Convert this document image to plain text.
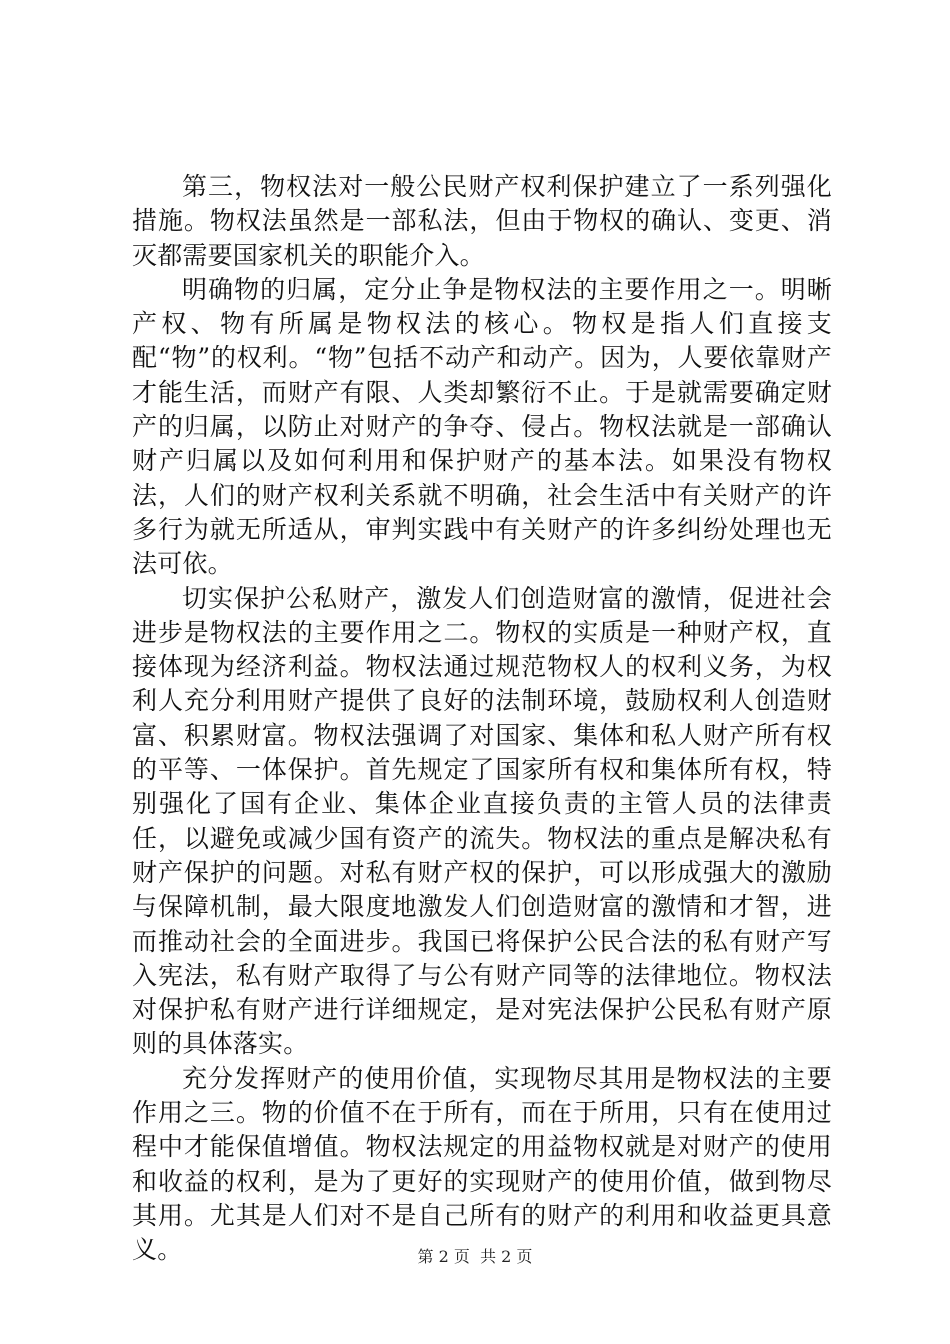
第三，物权法对一般公民财产权利保护建立了一系列强化措施。物权法虽然是一部私法，但由于物权的确认、变更、消灭都需要国家机关的职能介入。

明确物的归属，定分止争是物权法的主要作用之一。明晰产权、物有所属是物权法的核心。物权是指人们直接支配“物”的权利。“物”包括不动产和动产。因为，人要依靠财产才能生活，而财产有限、人类却繁衍不止。于是就需要确定财产的归属，以防止对财产的争夺、侵占。物权法就是一部确认财产归属以及如何利用和保护财产的基本法。如果没有物权法，人们的财产权利关系就不明确，社会生活中有关财产的许多行为就无所适从，审判实践中有关财产的许多纠纷处理也无法可依。

切实保护公私财产，激发人们创造财富的激情，促进社会进步是物权法的主要作用之二。物权的实质是一种财产权，直接体现为经济利益。物权法通过规范物权人的权利义务，为权利人充分利用财产提供了良好的法制环境，鼓励权利人创造财富、积累财富。物权法强调了对国家、集体和私人财产所有权的平等、一体保护。首先规定了国家所有权和集体所有权，特别强化了国有企业、集体企业直接负责的主管人员的法律责任，以避免或减少国有资产的流失。物权法的重点是解决私有财产保护的问题。对私有财产权的保护，可以形成强大的激励与保障机制，最大限度地激发人们创造财富的激情和才智，进而推动社会的全面进步。我国已将保护公民合法的私有财产写入宪法，私有财产取得了与公有财产同等的法律地位。物权法对保护私有财产进行详细规定，是对宪法保护公民私有财产原则的具体落实。

充分发挥财产的使用价值，实现物尽其用是物权法的主要作用之三。物的价值不在于所有，而在于所用，只有在使用过程中才能保值增值。物权法规定的用益物权就是对财产的使用和收益的权利，是为了更好的实现财产的使用价值，做到物尽其用。尤其是人们对不是自己所有的财产的利用和收益更具意义。	第 2 页  共 2 页
